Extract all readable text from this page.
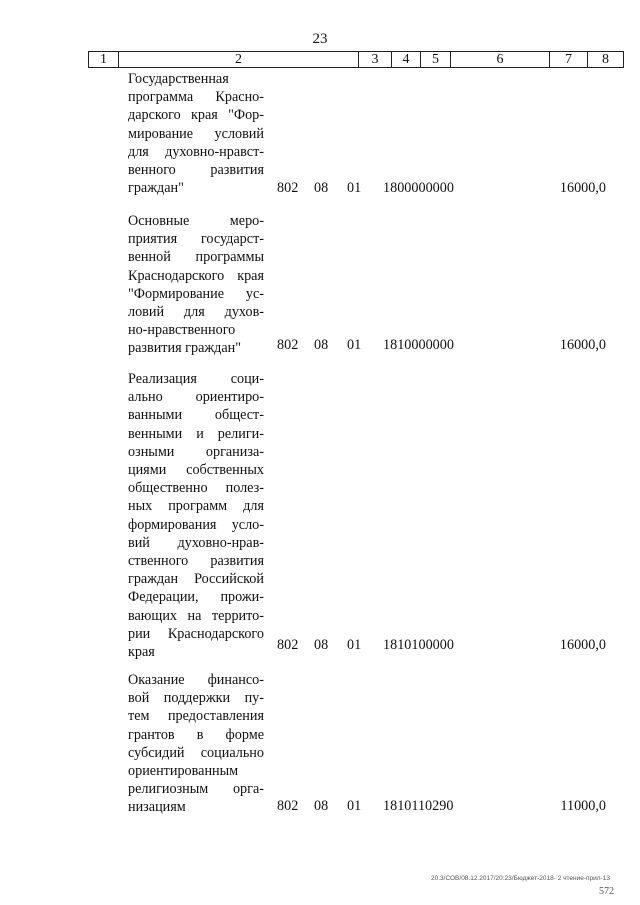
23
1	2	3	4	5	6	7	8
Государственная
программа Красно-
дарского края "Фор-
мирование условий
для духовно-нравст-
венного развития
граждан"	802 08 01 1800000000	16000,0
Основные меро-
приятия государст-
венной программы
Краснодарского края
"Формирование ус-
ловий для духов-
но-нравственного
развития граждан"	802 08 01 1810000000	16000,0
Реализация соци-
ально ориентиро-
ванными общест-
венными и религи-
озными организа-
циями собственных
общественно полез-
ных программ для
формирования усло-
вий духовно-нрав-
ственного развития
граждан Российской
Федерации, прожи-
вающих на террито-
рии Краснодарского
края	802 08 01 1810100000	16000,0
Оказание финансо-
вой поддержки пу-
тем предоставления
грантов в форме
субсидий социально
ориентированным
религиозным орга-
низациям	802 08 01 1810110290	11000,0
20.3/СОВ/08.12.2017/20:23/Бюджет-2018- 2 чтение-прил-13
572
